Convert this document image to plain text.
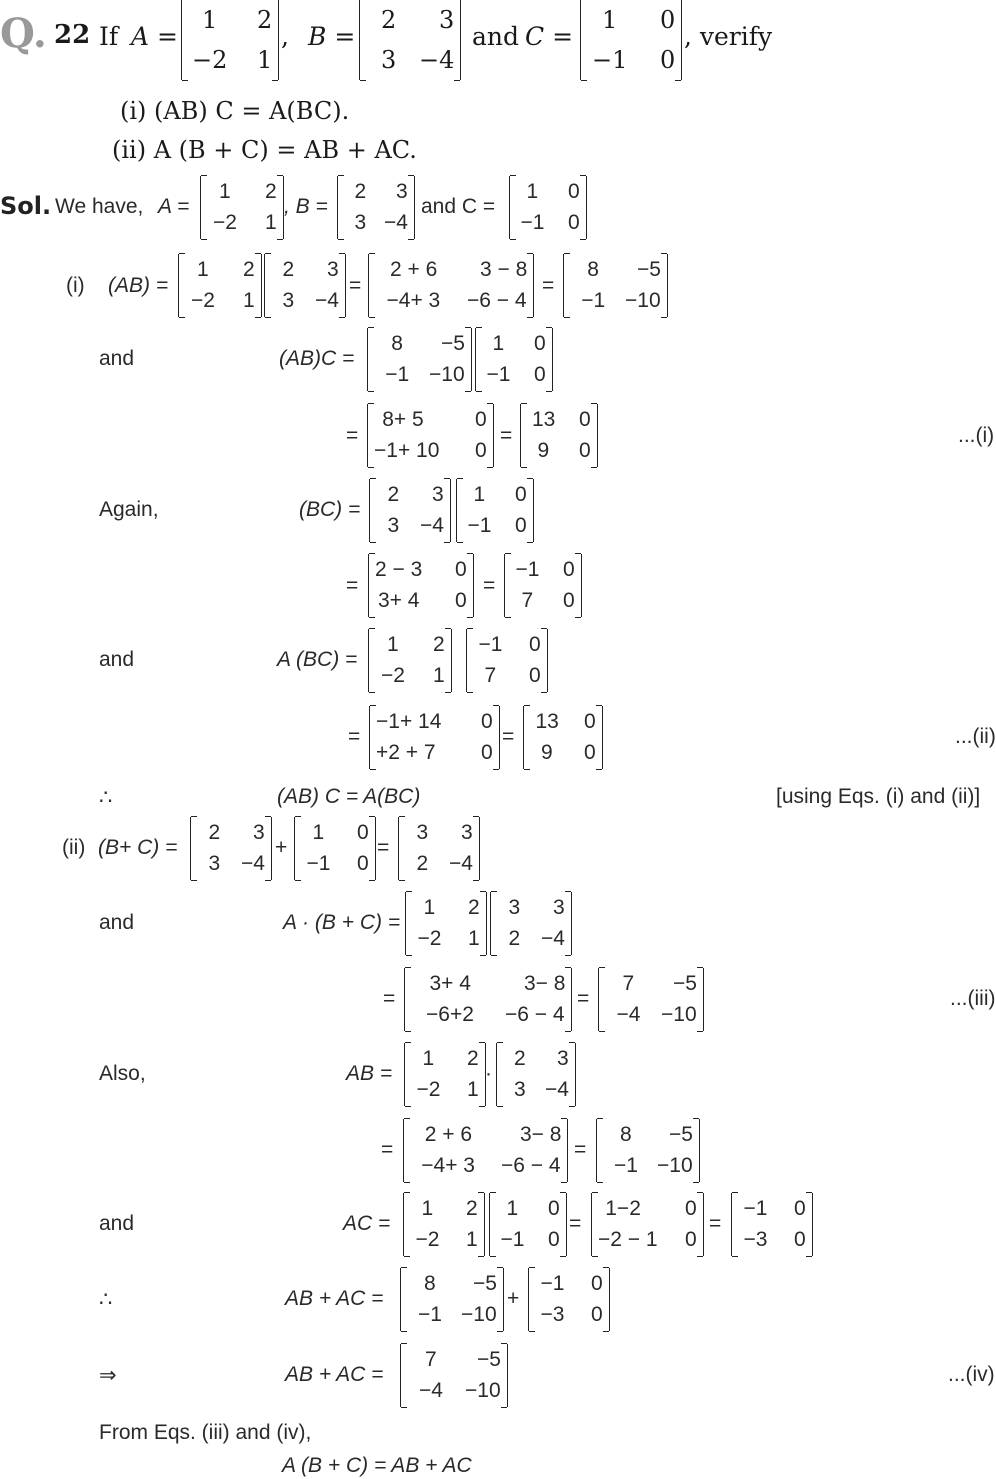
Q. 22 If A =
1 2
−2 1
, B =
2 3
3 −4
and C =
1 0
−1 0
, verify
(i) (AB) C = A(BC).
(ii) A (B + C) = AB + AC.
Sol. We have, A =
1 2
−2 1
, B =
2 3
3 −4
and C =
1 0
−1 0
(i) (AB) =
1 2
−2 1
2 3
3 −4
=
2 + 6 3 − 8
−4+ 3 −6 − 4
=
8 −5
−1 −10
and	(AB)C =
8 −5
−1 −10
1 0
−1 0
=
8+ 5 0
−1+ 10 0
=
13 0
9 0
...(i)
Again,	(BC) =
2 3
3 −4
1 0
−1 0
=
2 − 3 0
3+ 4 0
=
−1 0
7 0
and	A (BC) =
1 2
−2 1
−1 0
7 0
=
−1+ 14 0
+2 + 7 0
=
13 0
9 0
...(ii)
∴	(AB) C = A(BC)	[using Eqs. (i) and (ii)]
(ii) (B+ C) =
2 3
3 −4
+
1 0
−1 0
=
3 3
2 −4
and	A · (B + C) =
1 2
−2 1
3 3
2 −4
=
3+ 4	3− 8
−6+2 −6 − 4
=
7 −5
−4 −10
...(iii)
Also,	AB =
1 2
−2 1
·
2 3
3 −4
=
2 + 6 3− 8
−4+ 3 −6 − 4
=
8 −5
−1 −10
and	AC =
1 2
−2 1
1 0
−1 0
=
1−2 0
−2 − 1 0
=
−1 0
−3 0
∴	AB + AC =
8 −5
−1 −10
+
−1 0
−3 0
⇒	AB + AC =
7 −5
−4 −10
...(iv)
From Eqs. (iii) and (iv),
A (B + C) = AB + AC
